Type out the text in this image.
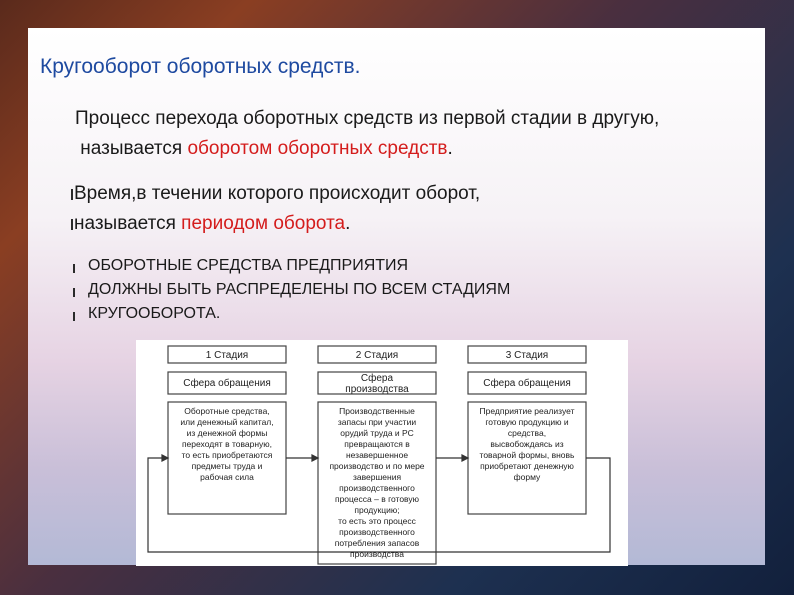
Кругооборот оборотных средств.
Процесс перехода оборотных средств из первой стадии в другую,
называется оборотом оборотных средств.
Время,в течении которого происходит оборот,
называется периодом оборота.
ОБОРОТНЫЕ СРЕДСТВА ПРЕДПРИЯТИЯ
ДОЛЖНЫ БЫТЬ РАСПРЕДЕЛЕНЫ ПО ВСЕМ СТАДИЯМ
КРУГООБОРОТА.
1 Стадия
Сфера обращения
Оборотные средства,
или денежный капитал,
из денежной формы
переходят в товарную,
то есть приобретаются
предметы труда и
рабочая сила
2 Стадия
Сфера
производства
Производственные
запасы при участии
орудий труда и РС
превращаются в
незавершенное
производство и по мере
завершения
производственного
процесса – в готовую
продукцию;
то есть это процесс
производственного
потребления запасов
производства
3 Стадия
Сфера обращения
Предприятие реализует
готовую продукцию и
средства,
высвобождаясь из
товарной формы, вновь
приобретают денежную
форму
